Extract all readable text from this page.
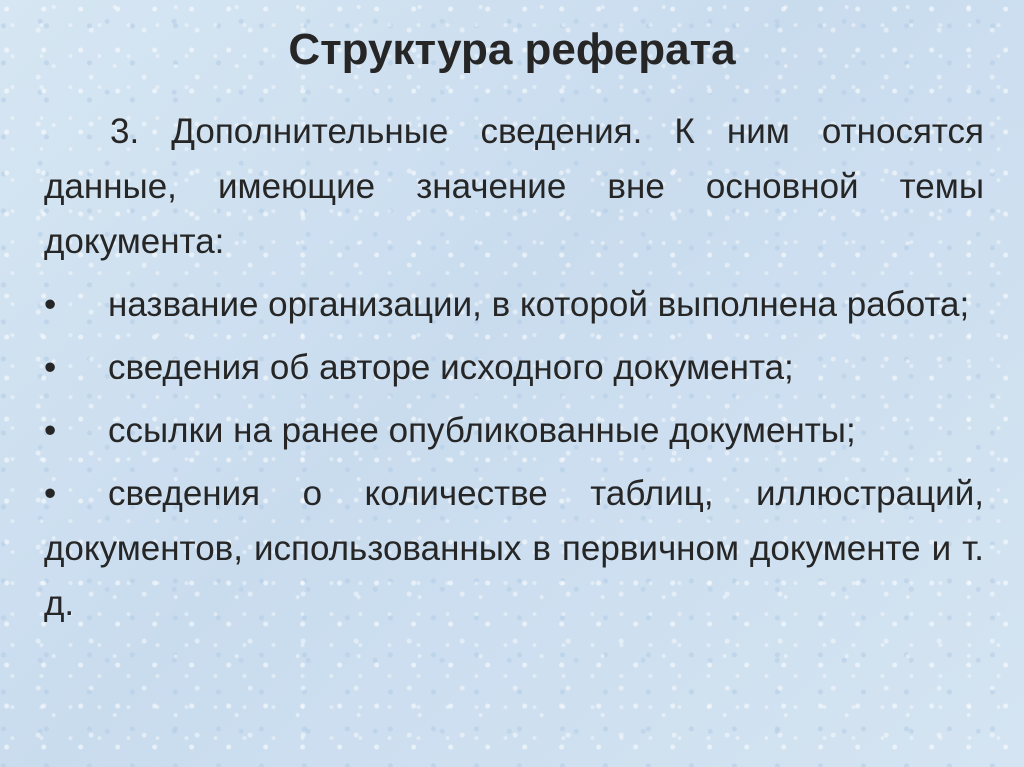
Структура реферата

3. Дополнительные сведения. К ним относятся данные, имеющие значение вне основной темы документа:

•	название организации, в которой выполнена работа;

•	сведения об авторе исходного документа;

•	ссылки на ранее опубликованные документы;

•	сведения о количестве таблиц, иллюстраций, документов, использованных в первичном документе и т. д.
